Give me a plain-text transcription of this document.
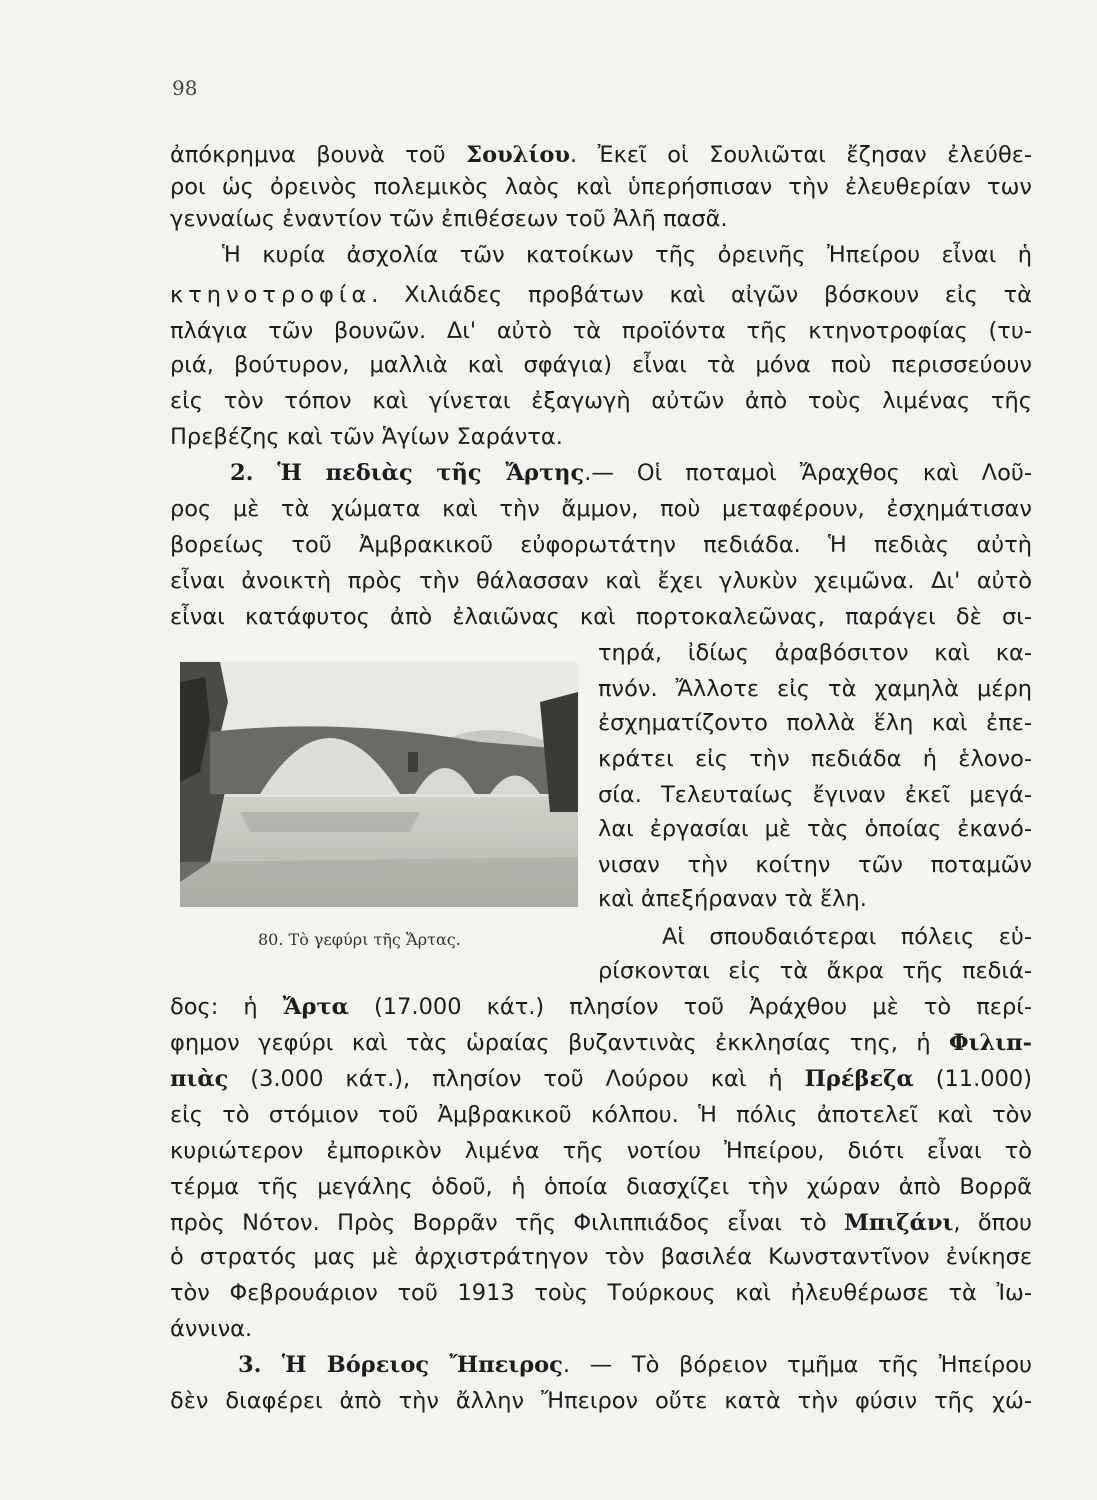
98
ἀπόκρημνα βουνὰ τοῦ Σουλίου. Ἐκεῖ οἱ Σουλιῶται ἔζησαν ἐλεύθε-
ροι ὡς ὀρεινὸς πολεμικὸς λαὸς καὶ ὑπερήσπισαν τὴν ἐλευθερίαν των
γενναίως ἐναντίον τῶν ἐπιθέσεων τοῦ Ἀλῆ πασᾶ.
Ἡ κυρία ἀσχολία τῶν κατοίκων τῆς ὀρεινῆς Ἠπείρου εἶναι ἡ
κτηνοτροφία. Χιλιάδες προβάτων καὶ αἰγῶν βόσκουν εἰς τὰ
πλάγια τῶν βουνῶν. Δι' αὐτὸ τὰ προϊόντα τῆς κτηνοτροφίας (τυ-
ριά, βούτυρον, μαλλιὰ καὶ σφάγια) εἶναι τὰ μόνα ποὺ περισσεύουν
εἰς τὸν τόπον καὶ γίνεται ἐξαγωγὴ αὐτῶν ἀπὸ τοὺς λιμένας τῆς
Πρεβέζης καὶ τῶν Ἁγίων Σαράντα.
2. Ἡ πεδιὰς τῆς Ἄρτης.— Οἱ ποταμοὶ Ἄραχθος καὶ Λοῦ-
ρος μὲ τὰ χώματα καὶ τὴν ἄμμον, ποὺ μεταφέρουν, ἐσχημάτισαν
βορείως τοῦ Ἀμβρακικοῦ εὐφορωτάτην πεδιάδα. Ἡ πεδιὰς αὐτὴ
εἶναι ἀνοικτὴ πρὸς τὴν θάλασσαν καὶ ἔχει γλυκὺν χειμῶνα. Δι' αὐτὸ
εἶναι κατάφυτος ἀπὸ ἐλαιῶνας καὶ πορτοκαλεῶνας, παράγει δὲ σι-
80. Τὸ γεφύρι τῆς Ἄρτας.
τηρά, ἰδίως ἀραβόσιτον καὶ κα-
πνόν. Ἄλλοτε εἰς τὰ χαμηλὰ μέρη
ἐσχηματίζοντο πολλὰ ἕλη καὶ ἐπε-
κράτει εἰς τὴν πεδιάδα ἡ ἑλονο-
σία. Τελευταίως ἔγιναν ἐκεῖ μεγά-
λαι ἐργασίαι μὲ τὰς ὁποίας ἐκανό-
νισαν τὴν κοίτην τῶν ποταμῶν
καὶ ἀπεξήραναν τὰ ἕλη.
Αἱ σπουδαιότεραι πόλεις εὑ-
ρίσκονται εἰς τὰ ἄκρα τῆς πεδιά-
δος: ἡ Ἄρτα (17.000 κάτ.) πλησίον τοῦ Ἀράχθου μὲ τὸ περί-
φημον γεφύρι καὶ τὰς ὡραίας βυζαντινὰς ἐκκλησίας της, ἡ Φιλιπ-
πιὰς (3.000 κάτ.), πλησίον τοῦ Λούρου καὶ ἡ Πρέβεζα (11.000)
εἰς τὸ στόμιον τοῦ Ἀμβρακικοῦ κόλπου. Ἡ πόλις ἀποτελεῖ καὶ τὸν
κυριώτερον ἐμπορικὸν λιμένα τῆς νοτίου Ἠπείρου, διότι εἶναι τὸ
τέρμα τῆς μεγάλης ὁδοῦ, ἡ ὁποία διασχίζει τὴν χώραν ἀπὸ Βορρᾶ
πρὸς Νότον. Πρὸς Βορρᾶν τῆς Φιλιππιάδος εἶναι τὸ Μπιζάνι, ὅπου
ὁ στρατός μας μὲ ἀρχιστράτηγον τὸν βασιλέα Κωνσταντῖνον ἐνίκησε
τὸν Φεβρουάριον τοῦ 1913 τοὺς Τούρκους καὶ ἠλευθέρωσε τὰ Ἰω-
άννινα.
3. Ἡ Βόρειος Ἤπειρος. — Τὸ βόρειον τμῆμα τῆς Ἠπείρου
δὲν διαφέρει ἀπὸ τὴν ἄλλην Ἤπειρον οὔτε κατὰ τὴν φύσιν τῆς χώ-
